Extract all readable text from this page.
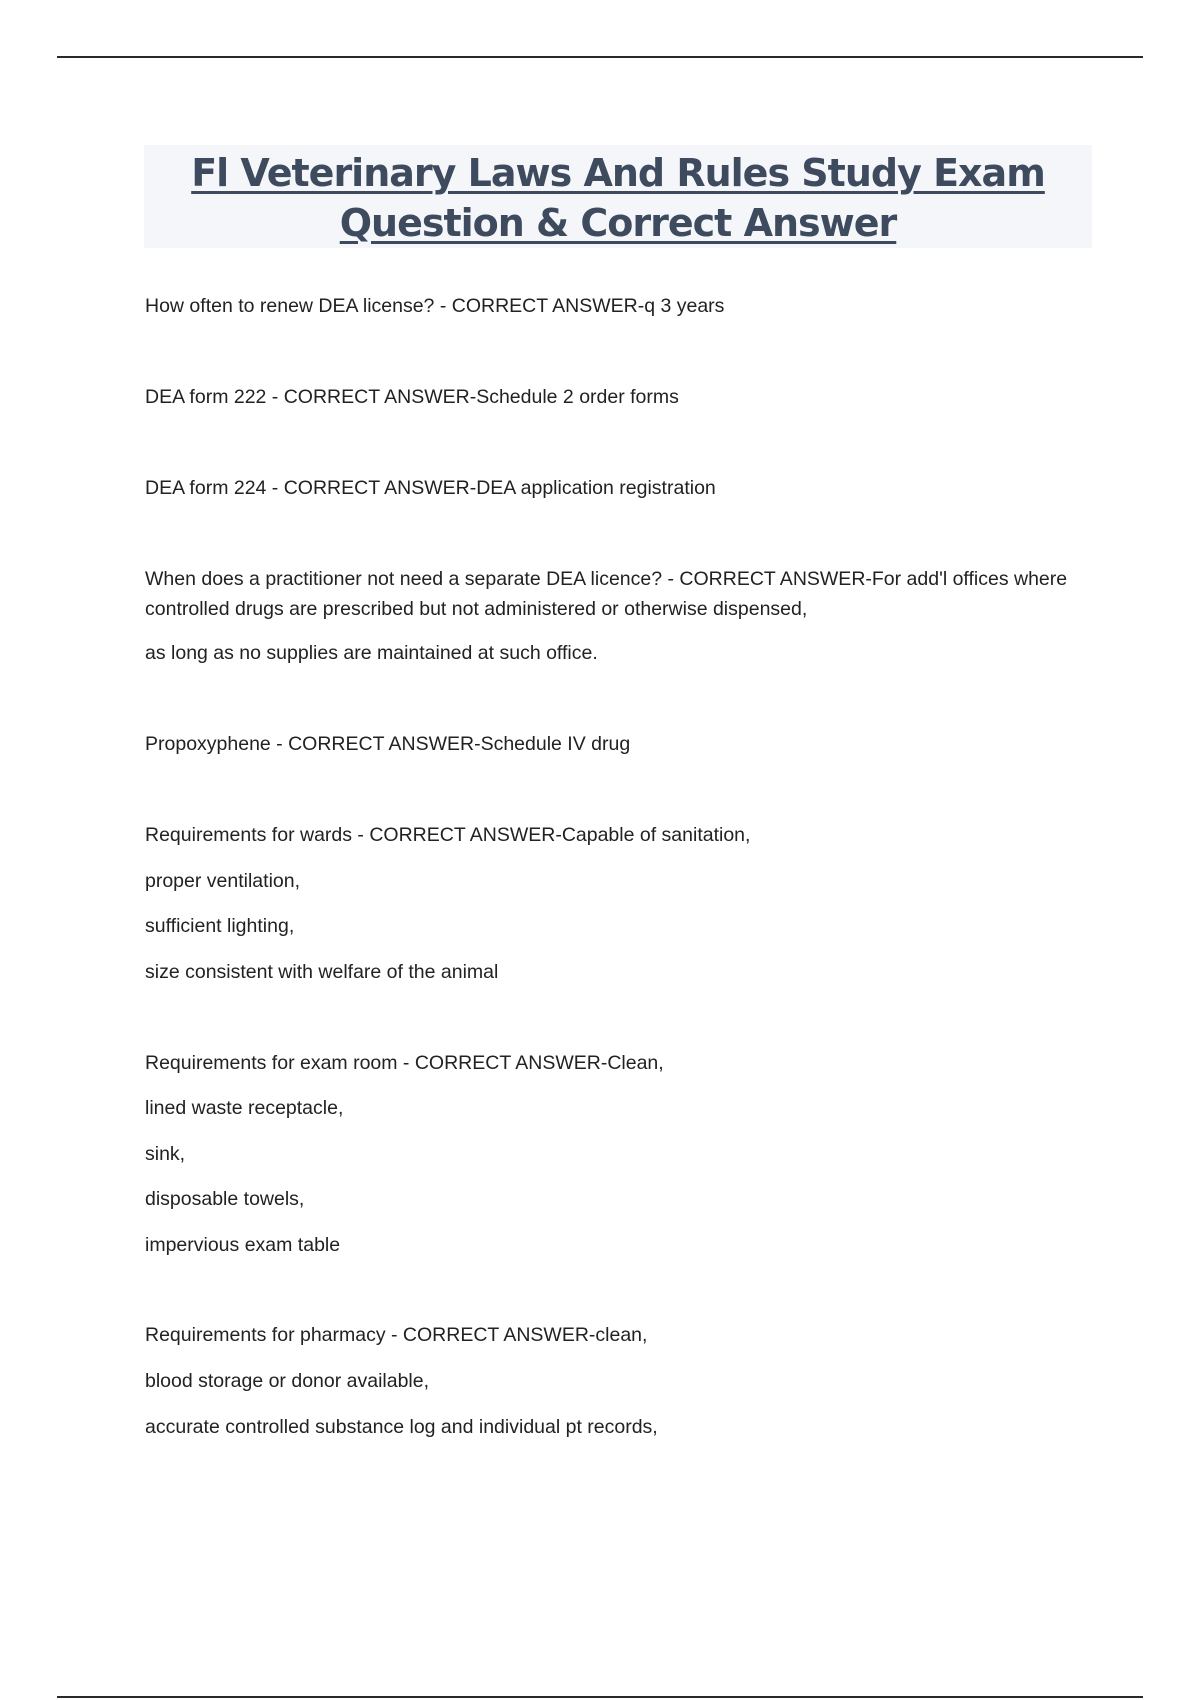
Fl Veterinary Laws And Rules Study Exam
Question & Correct Answer
How often to renew DEA license? - CORRECT ANSWER-q 3 years
DEA form 222 - CORRECT ANSWER-Schedule 2 order forms
DEA form 224 - CORRECT ANSWER-DEA application registration
When does a practitioner not need a separate DEA licence? - CORRECT ANSWER-For add'l offices where controlled drugs are prescribed but not administered or otherwise dispensed,
as long as no supplies are maintained at such office.
Propoxyphene - CORRECT ANSWER-Schedule IV drug
Requirements for wards - CORRECT ANSWER-Capable of sanitation,
proper ventilation,
sufficient lighting,
size consistent with welfare of the animal
Requirements for exam room - CORRECT ANSWER-Clean,
lined waste receptacle,
sink,
disposable towels,
impervious exam table
Requirements for pharmacy - CORRECT ANSWER-clean,
blood storage or donor available,
accurate controlled substance log and individual pt records,
